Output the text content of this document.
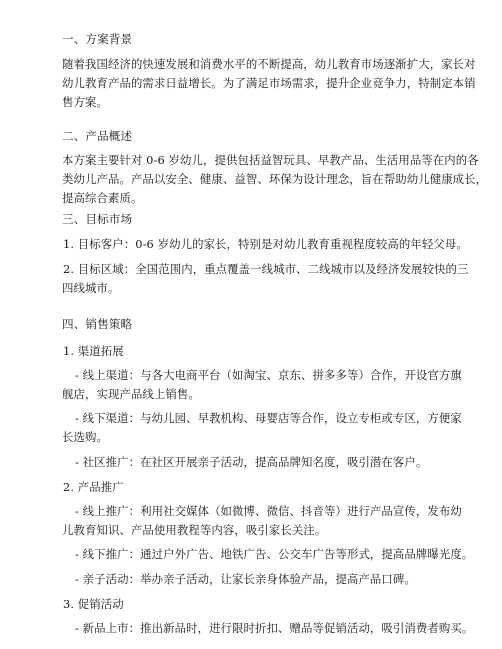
一、方案背景
随着我国经济的快速发展和消费水平的不断提高，幼儿教育市场逐渐扩大，家长对
幼儿教育产品的需求日益增长。为了满足市场需求，提升企业竞争力，特制定本销
售方案。
二、产品概述
本方案主要针对 0-6 岁幼儿，提供包括益智玩具、早教产品、生活用品等在内的各
类幼儿产品。产品以安全、健康、益智、环保为设计理念，旨在帮助幼儿健康成长，
提高综合素质。
三、目标市场
1. 目标客户：0-6 岁幼儿的家长，特别是对幼儿教育重视程度较高的年轻父母。
2. 目标区域：全国范围内，重点覆盖一线城市、二线城市以及经济发展较快的三
四线城市。
四、销售策略
1. 渠道拓展
- 线上渠道：与各大电商平台（如淘宝、京东、拼多多等）合作，开设官方旗
舰店，实现产品线上销售。
- 线下渠道：与幼儿园、早教机构、母婴店等合作，设立专柜或专区，方便家
长选购。
- 社区推广：在社区开展亲子活动，提高品牌知名度，吸引潜在客户。
2. 产品推广
- 线上推广：利用社交媒体（如微博、微信、抖音等）进行产品宣传，发布幼
儿教育知识、产品使用教程等内容，吸引家长关注。
- 线下推广：通过户外广告、地铁广告、公交车广告等形式，提高品牌曝光度。
- 亲子活动：举办亲子活动，让家长亲身体验产品，提高产品口碑。
3. 促销活动
- 新品上市：推出新品时，进行限时折扣、赠品等促销活动，吸引消费者购买。
